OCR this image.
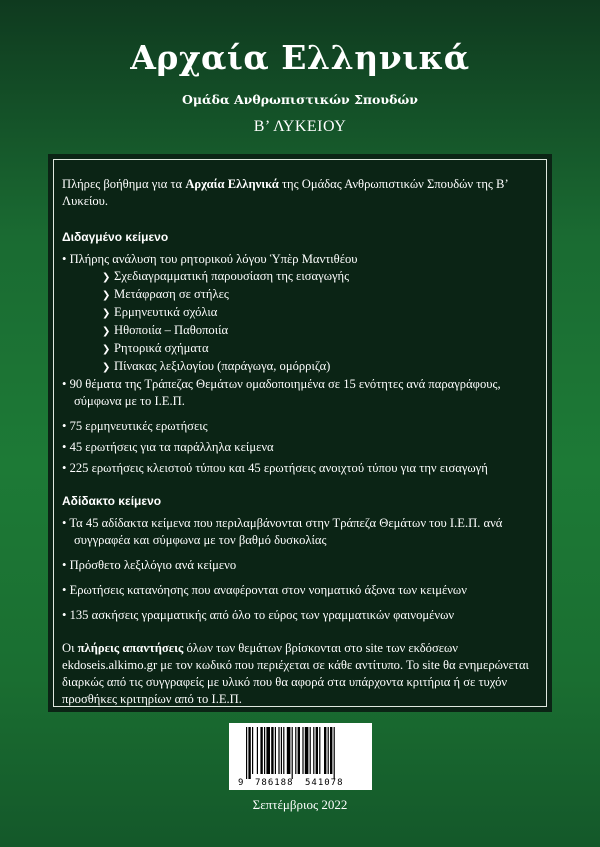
Αρχαία Ελληνικά
Ομάδα Ανθρωπιστικών Σπουδών
Β’ ΛΥΚΕΙΟΥ

Πλήρες βοήθημα για τα Αρχαία Ελληνικά της Ομάδας Ανθρωπιστικών Σπουδών της Β’ Λυκείου.

Διδαγμένο κείμενο

• Πλήρης ανάλυση του ρητορικού λόγου Ὑπὲρ Μαντιθέου

❯ Σχεδιαγραμματική παρουσίαση της εισαγωγής

❯ Μετάφραση σε στήλες

❯ Ερμηνευτικά σχόλια

❯ Ηθοποιία – Παθοποιία

❯ Ρητορικά σχήματα

❯ Πίνακας λεξιλογίου (παράγωγα, ομόρριζα)

• 90 θέματα της Τράπεζας Θεμάτων ομαδοποιημένα σε 15 ενότητες ανά παραγράφους, σύμφωνα με το Ι.Ε.Π.

• 75 ερμηνευτικές ερωτήσεις

• 45 ερωτήσεις για τα παράλληλα κείμενα

• 225 ερωτήσεις κλειστού τύπου και 45 ερωτήσεις ανοιχτού τύπου για την εισαγωγή

Αδίδακτο κείμενο

• Τα 45 αδίδακτα κείμενα που περιλαμβάνονται στην Τράπεζα Θεμάτων του Ι.Ε.Π. ανά συγγραφέα και σύμφωνα με τον βαθμό δυσκολίας

• Πρόσθετο λεξιλόγιο ανά κείμενο

• Ερωτήσεις κατανόησης που αναφέρονται στον νοηματικό άξονα των κειμένων

• 135 ασκήσεις γραμματικής από όλο το εύρος των γραμματικών φαινομένων

Οι πλήρεις απαντήσεις όλων των θεμάτων βρίσκονται στο site των εκδόσεων ekdoseis.alkimo.gr με τον κωδικό που περιέχεται σε κάθε αντίτυπο. Το site θα ενημερώνεται διαρκώς από τις συγγραφείς με υλικό που θα αφορά στα υπάρχοντα κριτήρια ή σε τυχόν προσθήκες κριτηρίων από το Ι.Ε.Π.

9 786188 541078
Σεπτέμβριος 2022
